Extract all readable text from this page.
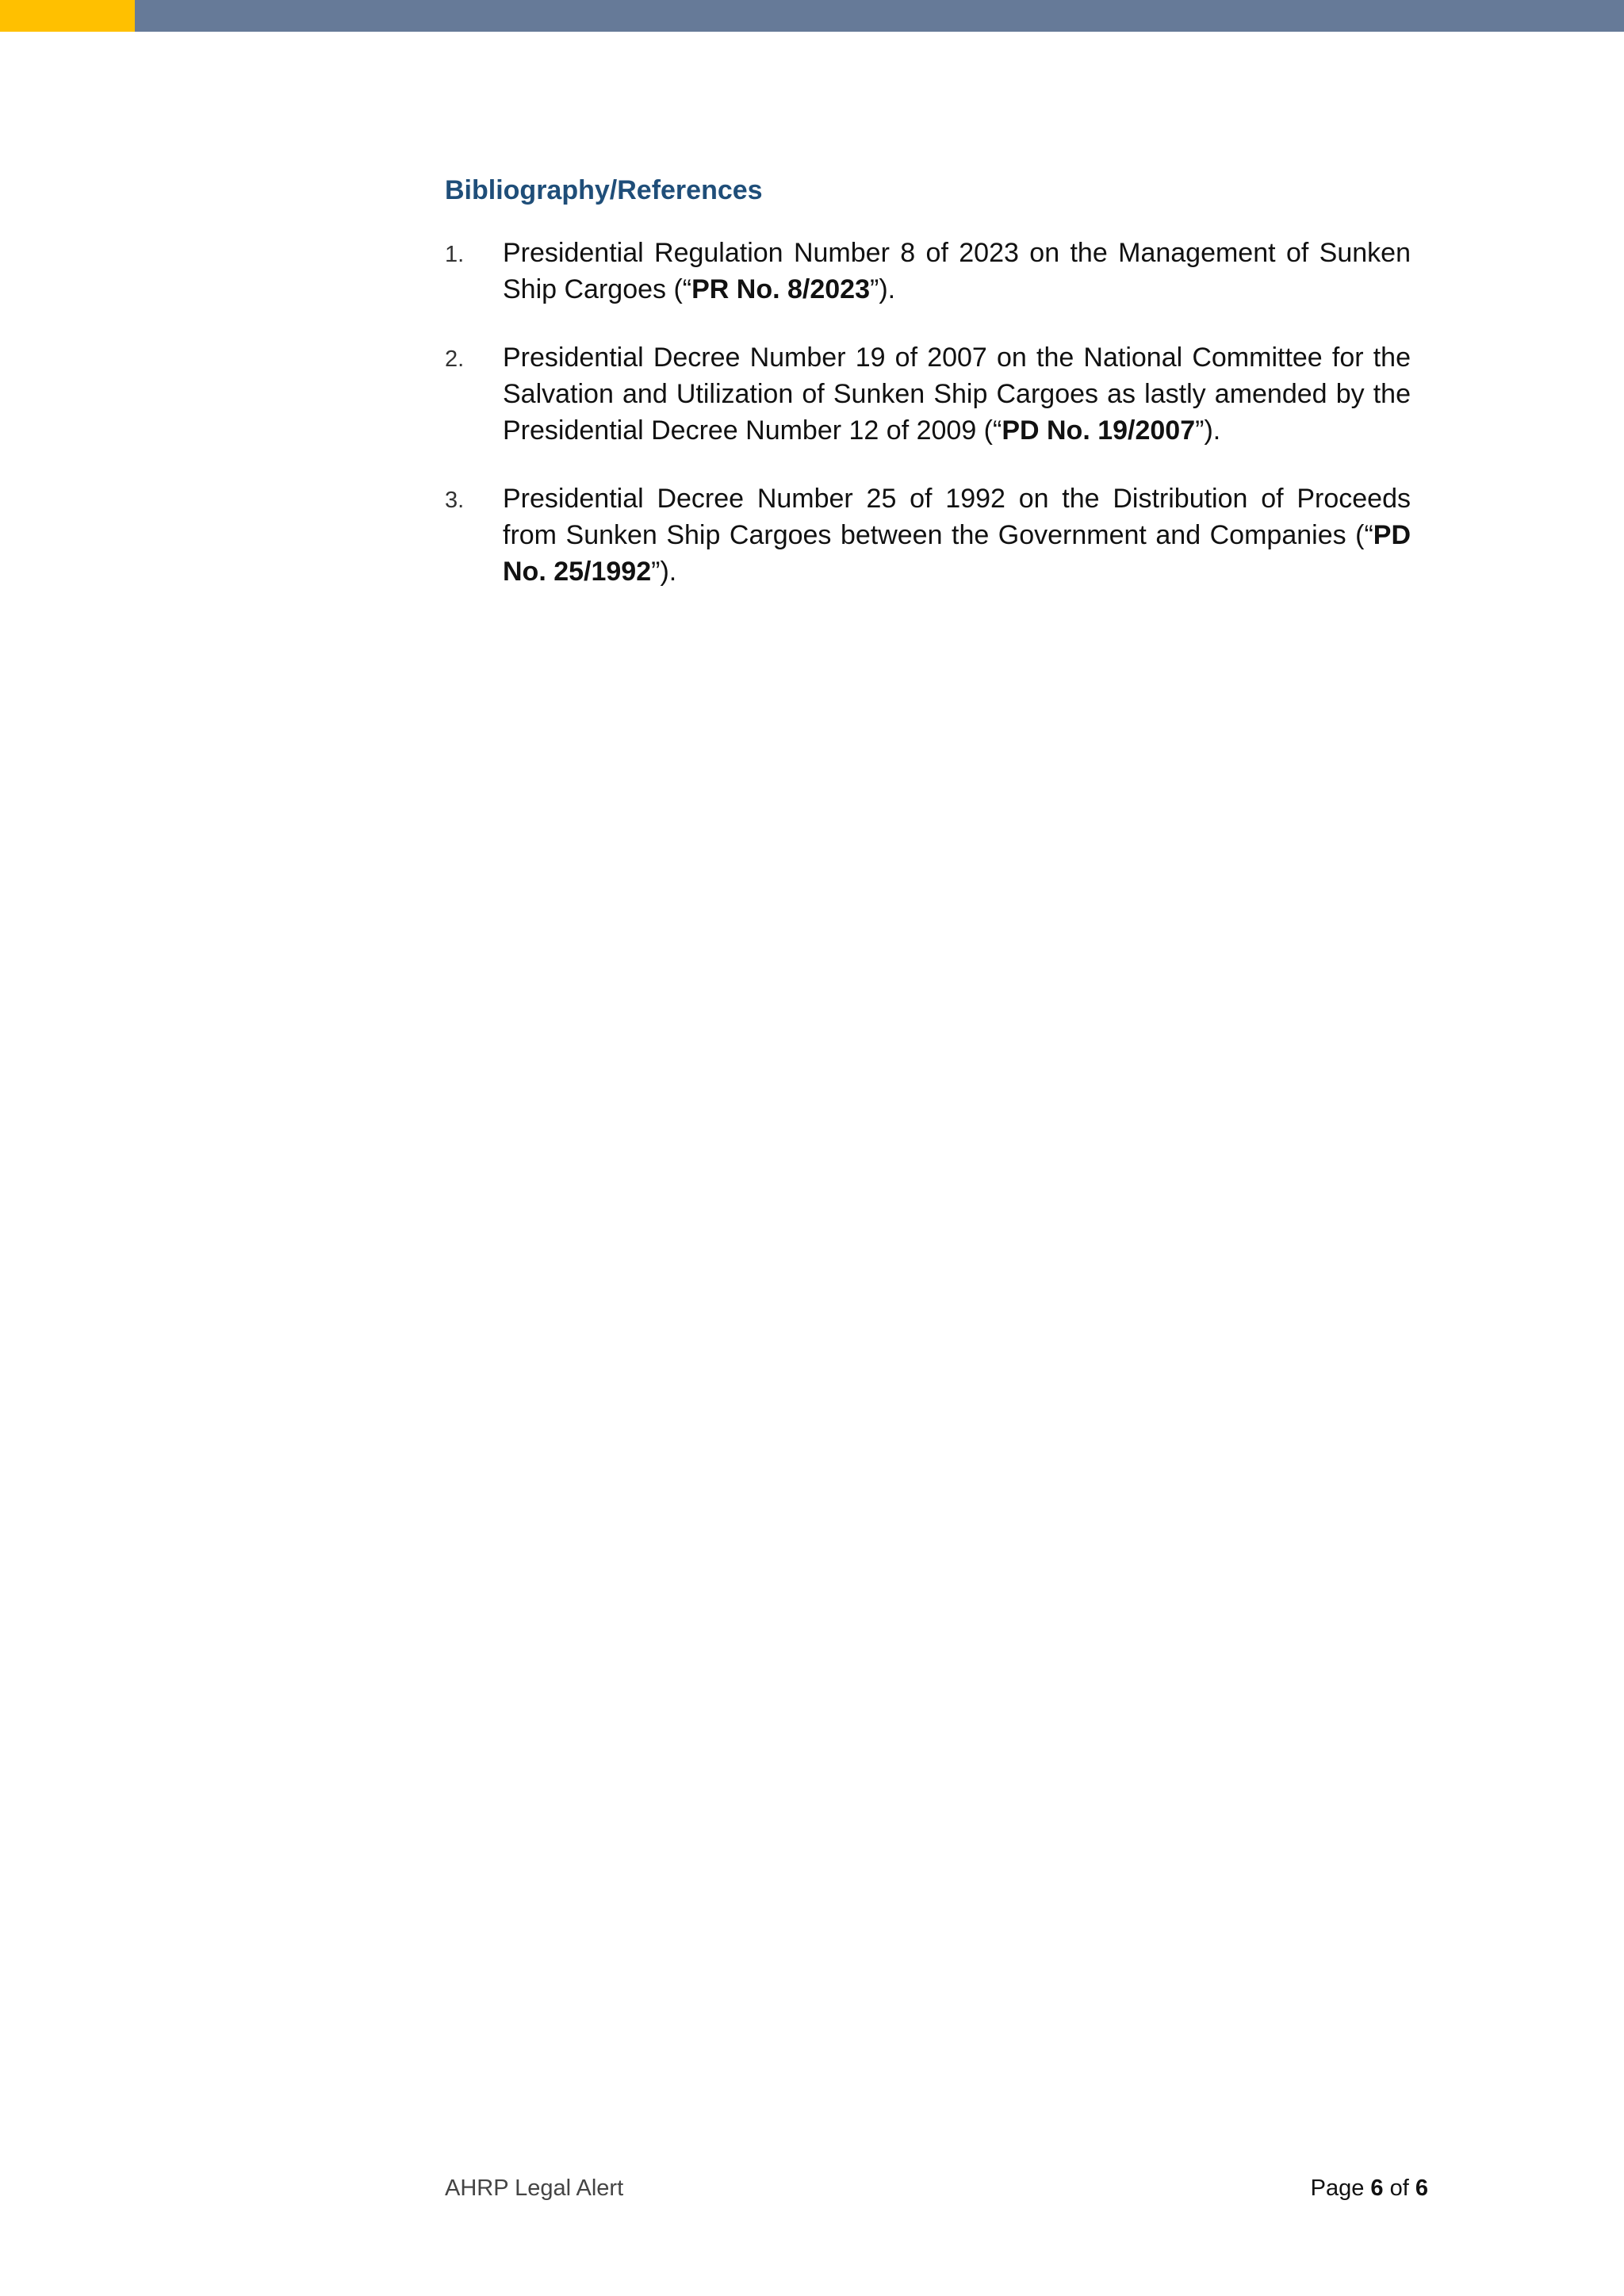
Bibliography/References
1. Presidential Regulation Number 8 of 2023 on the Management of Sunken Ship Cargoes (“PR No. 8/2023”).
2. Presidential Decree Number 19 of 2007 on the National Committee for the Salvation and Utilization of Sunken Ship Cargoes as lastly amended by the Presidential Decree Number 12 of 2009 (“PD No. 19/2007”).
3. Presidential Decree Number 25 of 1992 on the Distribution of Proceeds from Sunken Ship Cargoes between the Government and Companies (“PD No. 25/1992”).
AHRP Legal Alert	Page 6 of 6
